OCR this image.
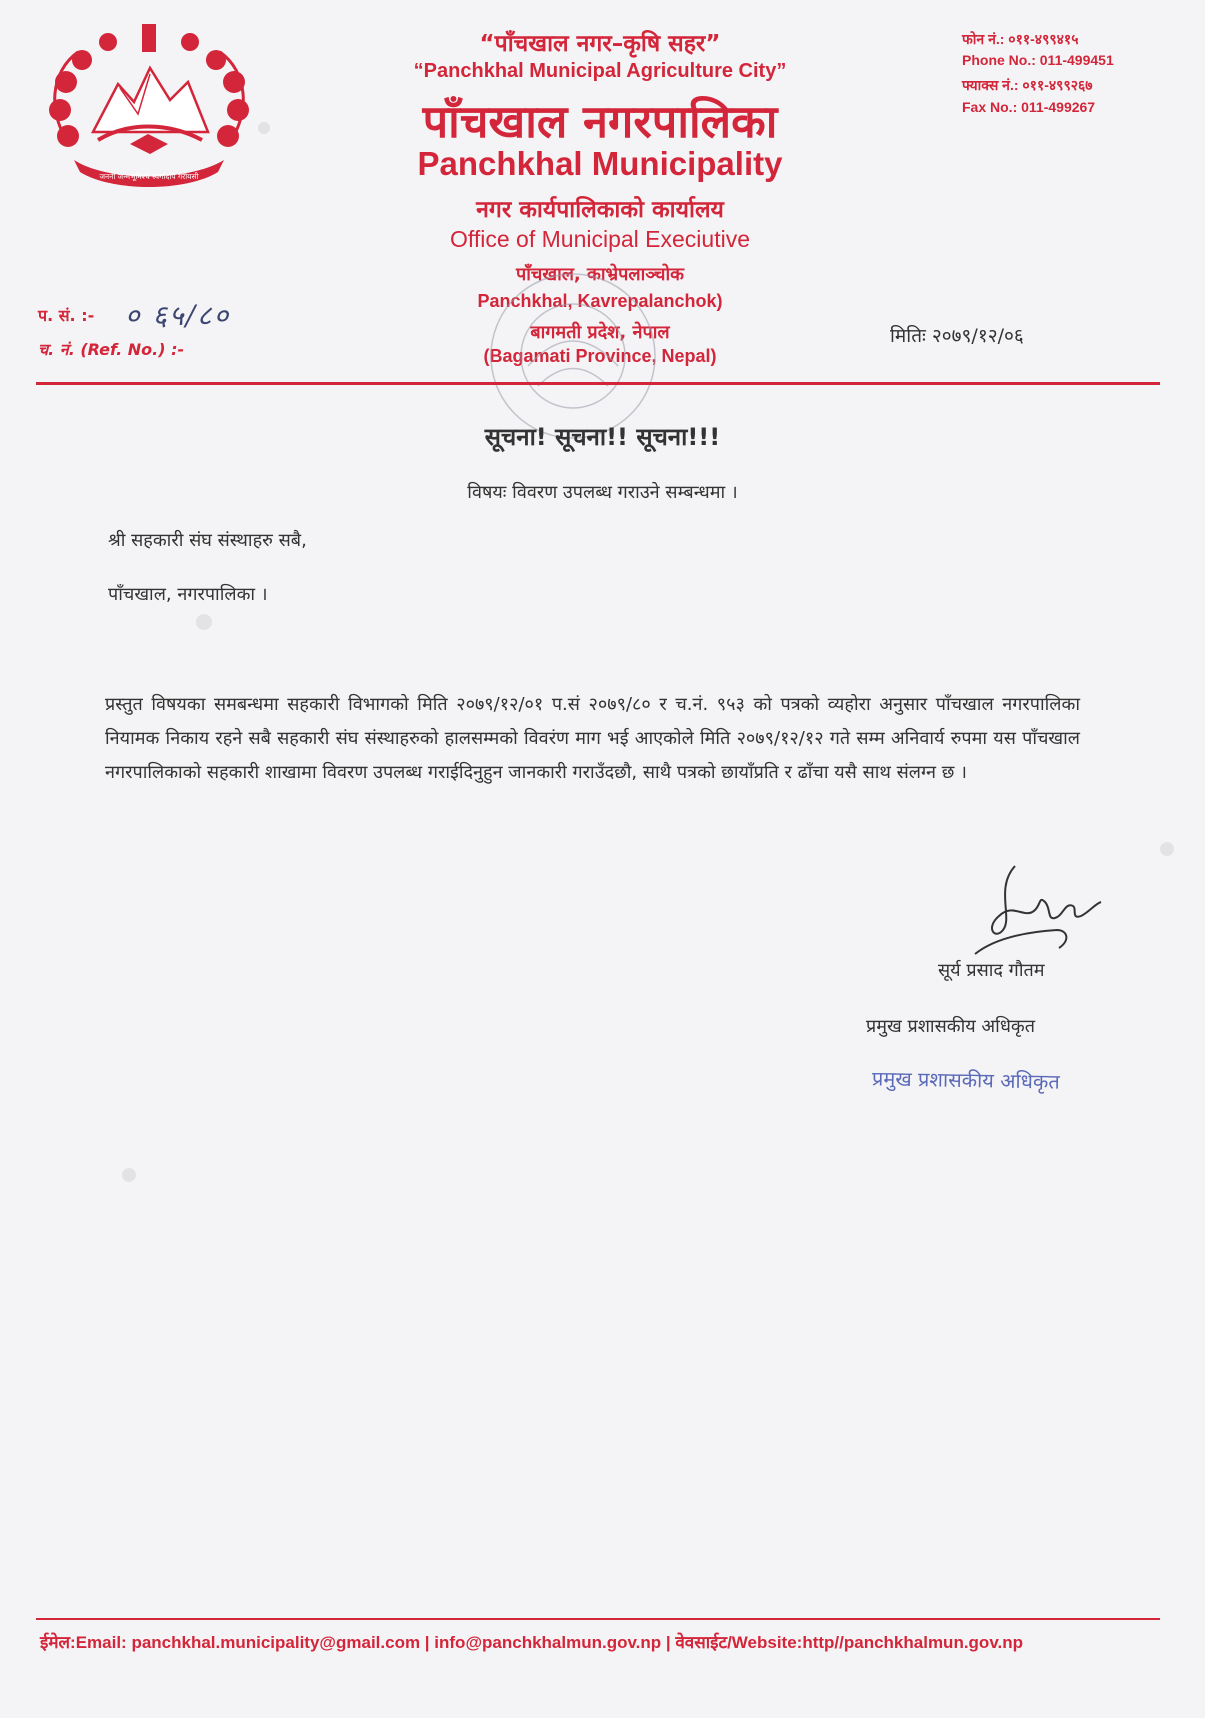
जननी जन्मभूमिश्च स्वर्गादपि गरीयसी
“पाँचखाल नगर–कृषि सहर”
“Panchkhal Municipal Agriculture City”
पाँचखाल नगरपालिका
Panchkhal Municipality
नगर कार्यपालिकाको कार्यालय
Office of Municipal Execiutive
पाँचखाल, काभ्रेपलाञ्चोक
Panchkhal, Kavrepalanchok)
बागमती प्रदेश, नेपाल
(Bagamati Province, Nepal)
फोन नं.: ०११-४९९४१५
Phone No.: 011-499451
फ्याक्स नं.: ०११-४९९२६७
Fax No.: 011-499267
प. सं. :- ० ६५/८०
च. नं. (Ref. No.) :-
मितिः २०७९/१२/०६
सूचना! सूचना!! सूचना!!!
विषयः विवरण उपलब्ध गराउने सम्बन्धमा ।
श्री सहकारी संघ संस्थाहरु सबै,
पाँचखाल, नगरपालिका ।
प्रस्तुत विषयका समबन्धमा सहकारी विभागको मिति २०७९/१२/०१ प.सं २०७९/८० र च.नं. ९५३ को पत्रको व्यहोरा अनुसार पाँचखाल नगरपालिका नियामक निकाय रहने सबै सहकारी संघ संस्थाहरुको हालसम्मको विवरंण माग भई आएकोले मिति २०७९/१२/१२ गते सम्म अनिवार्य रुपमा यस पाँचखाल नगरपालिकाको सहकारी शाखामा विवरण उपलब्ध गराईदिनुहुन जानकारी गराउँदछौ, साथै पत्रको छायाँप्रति र ढाँचा यसै साथ संलग्न छ ।
सूर्य प्रसाद गौतम
प्रमुख प्रशासकीय अधिकृत
प्रमुख प्रशासकीय अधिकृत
ईमेल:Email: panchkhal.municipality@gmail.com | info@panchkhalmun.gov.np | वेवसाईट/Website:http//panchkhalmun.gov.np
